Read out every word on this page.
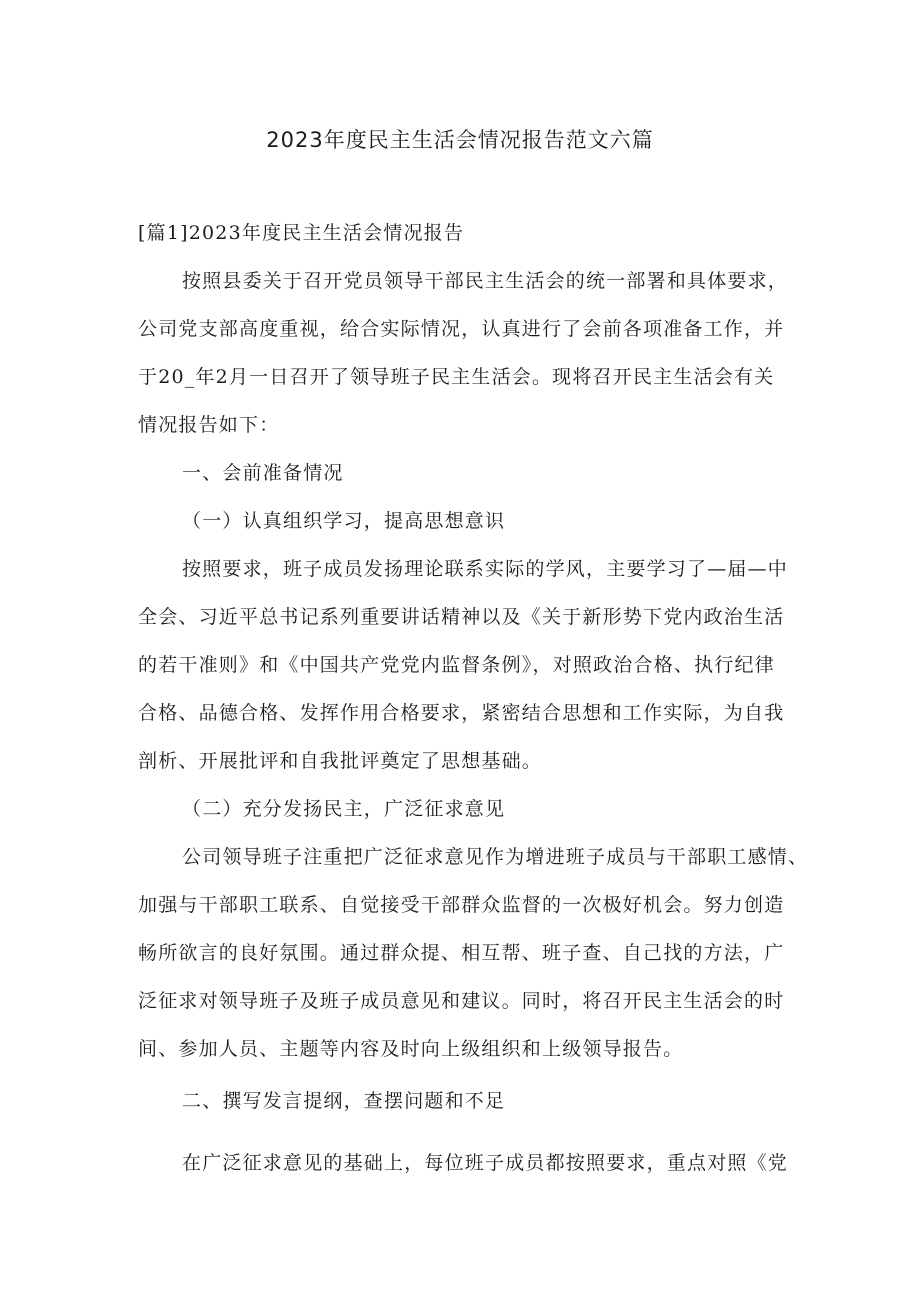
2023年度民主生活会情况报告范文六篇
[篇1]2023年度民主生活会情况报告
按照县委关于召开党员领导干部民主生活会的统一部署和具体要求，
公司党支部高度重视，给合实际情况，认真进行了会前各项准备工作，并
于20_年2月一日召开了领导班子民主生活会。现将召开民主生活会有关
情况报告如下：
一、会前准备情况
（一）认真组织学习，提高思想意识
按照要求，班子成员发扬理论联系实际的学风，主要学习了—届—中
全会、习近平总书记系列重要讲话精神以及《关于新形势下党内政治生活
的若干准则》和《中国共产党党内监督条例》，对照政治合格、执行纪律
合格、品德合格、发挥作用合格要求，紧密结合思想和工作实际，为自我
剖析、开展批评和自我批评奠定了思想基础。
（二）充分发扬民主，广泛征求意见
公司领导班子注重把广泛征求意见作为增进班子成员与干部职工感情、
加强与干部职工联系、自觉接受干部群众监督的一次极好机会。努力创造
畅所欲言的良好氛围。通过群众提、相互帮、班子查、自己找的方法，广
泛征求对领导班子及班子成员意见和建议。同时，将召开民主生活会的时
间、参加人员、主题等内容及时向上级组织和上级领导报告。
二、撰写发言提纲，查摆问题和不足
在广泛征求意见的基础上，每位班子成员都按照要求，重点对照《党
